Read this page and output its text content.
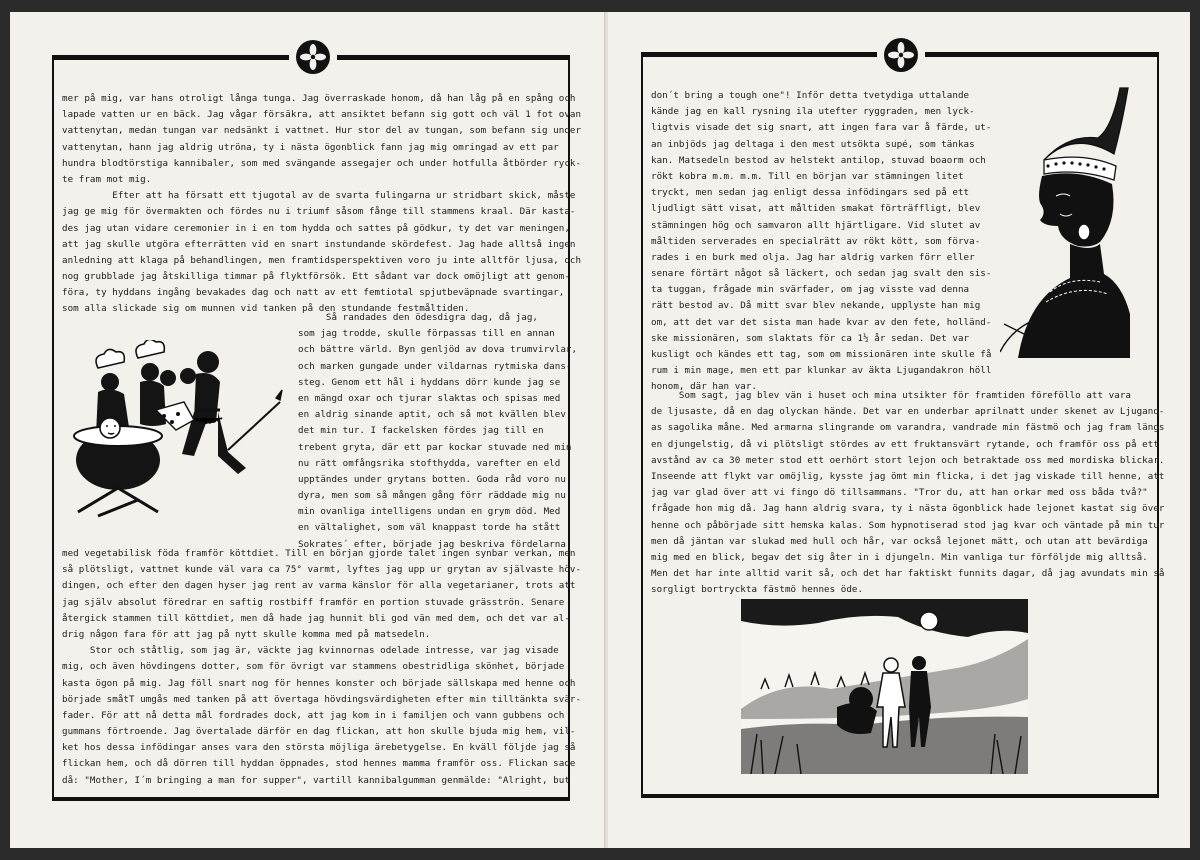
mer på mig, var hans otroligt långa tunga. Jag överraskade honom, då han låg på en spång och
lapade vatten ur en bäck. Jag vågar försäkra, att ansiktet befann sig gott och väl 1 fot ovan
vattenytan, medan tungan var nedsänkt i vattnet. Hur stor del av tungan, som befann sig under
vattenytan, hann jag aldrig utröna, ty i nästa ögonblick fann jag mig omringad av ett par
hundra blodtörstiga kannibaler, som med svängande assegajer och under hotfulla åtbörder ryck-
te fram mot mig.
Efter att ha försatt ett tjugotal av de svarta fulingarna ur stridbart skick, måste
jag ge mig för övermakten och fördes nu i triumf såsom fånge till stammens kraal. Där kasta-
des jag utan vidare ceremonier in i en tom hydda och sattes på gödkur, ty det var meningen,
att jag skulle utgöra efterrätten vid en snart instundande skördefest. Jag hade alltså ingen
anledning att klaga på behandlingen, men framtidsperspektiven voro ju inte alltför ljusa, och
nog grubblade jag åtskilliga timmar på flyktförsök. Ett sådant var dock omöjligt att genom-
föra, ty hyddans ingång bevakades dag och natt av ett femtiotal spjutbeväpnade svartingar,
som alla slickade sig om munnen vid tanken på den stundande festmåltiden.
Så randades den ödesdigra dag, då jag,
som jag trodde, skulle förpassas till en annan
och bättre värld. Byn genljöd av dova trumvirvlar,
och marken gungade under vildarnas rytmiska dans-
steg. Genom ett hål i hyddans dörr kunde jag se
en mängd oxar och tjurar slaktas och spisas med
en aldrig sinande aptit, och så mot kvällen blev
det min tur. I fackelsken fördes jag till en
trebent gryta, där ett par kockar stuvade ned min
nu rätt omfångsrika stofthydda, varefter en eld
upptändes under grytans botten. Goda råd voro nu
dyra, men som så mången gång förr räddade mig nu
min ovanliga intelligens undan en grym död. Med
en vältalighet, som väl knappast torde ha stått
Sokrates´ efter, började jag beskriva fördelarna
med vegetabilisk föda framför köttdiet. Till en början gjorde talet ingen synbar verkan, men
så plötsligt, vattnet kunde väl vara ca 75° varmt, lyftes jag upp ur grytan av självaste höv-
dingen, och efter den dagen hyser jag rent av varma känslor för alla vegetarianer, trots att
jag själv absolut föredrar en saftig rostbiff framför en portion stuvade gräsströn. Senare
återgick stammen till köttdiet, men då hade jag hunnit bli god vän med dem, och det var al-
drig någon fara för att jag på nytt skulle komma med på matsedeln.
Stor och ståtlig, som jag är, väckte jag kvinnornas odelade intresse, var jag visade
mig, och även hövdingens dotter, som för övrigt var stammens obestridliga skönhet, började
kasta ögon på mig. Jag föll snart nog för hennes konster och började sällskapa med henne och
började småtT umgås med tanken på att övertaga hövdingsvärdigheten efter min tilltänkta svär-
fader. För att nå detta mål fordrades dock, att jag kom in i familjen och vann gubbens och
gummans förtroende. Jag övertalade därför en dag flickan, att hon skulle bjuda mig hem, vil-
ket hos dessa infödingar anses vara den största möjliga ärebetygelse. En kväll följde jag så
flickan hem, och då dörren till hyddan öppnades, stod hennes mamma framför oss. Flickan sade
då: "Mother, I´m bringing a man for supper", vartill kannibalgumman genmälde: "Alright, but
don´t bring a tough one"! Inför detta tvetydiga uttalande
kände jag en kall rysning ila utefter ryggraden, men lyck-
ligtvis visade det sig snart, att ingen fara var å färde, ut-
an inbjöds jag deltaga i den mest utsökta supé, som tänkas
kan. Matsedeln bestod av helstekt antilop, stuvad boaorm och
rökt kobra m.m. m.m. Till en början var stämningen litet
tryckt, men sedan jag enligt dessa infödingars sed på ett
ljudligt sätt visat, att måltiden smakat förträffligt, blev
stämningen hög och samvaron allt hjärtligare. Vid slutet av
måltiden serverades en specialrätt av rökt kött, som förva-
rades i en burk med olja. Jag har aldrig varken förr eller
senare förtärt något så läckert, och sedan jag svalt den sis-
ta tuggan, frågade min svärfader, om jag visste vad denna
rätt bestod av. Då mitt svar blev nekande, upplyste han mig
om, att det var det sista man hade kvar av den fete, holländ-
ske missionären, som slaktats för ca 1½ år sedan. Det var
kusligt och kändes ett tag, som om missionären inte skulle få
rum i min mage, men ett par klunkar av äkta Ljugandakron höll
honom, där han var.
Som sagt, jag blev vän i huset och mina utsikter för framtiden föreföllo att vara
de ljusaste, då en dag olyckan hände. Det var en underbar aprilnatt under skenet av Ljugand-
as sagolika måne. Med armarna slingrande om varandra, vandrade min fästmö och jag fram längs
en djungelstig, då vi plötsligt stördes av ett fruktansvärt rytande, och framför oss på ett
avstånd av ca 30 meter stod ett oerhört stort lejon och betraktade oss med mordiska blickar.
Inseende att flykt var omöjlig, kysste jag ömt min flicka, i det jag viskade till henne, att
jag var glad över att vi fingo dö tillsammans. "Tror du, att han orkar med oss båda två?"
frågade hon mig då. Jag hann aldrig svara, ty i nästa ögonblick hade lejonet kastat sig över
henne och påbörjade sitt hemska kalas. Som hypnotiserad stod jag kvar och väntade på min tur
men då jäntan var slukad med hull och hår, var också lejonet mätt, och utan att bevärdiga
mig med en blick, begav det sig åter in i djungeln. Min vanliga tur förföljde mig alltså.
Men det har inte alltid varit så, och det har faktiskt funnits dagar, då jag avundats min så
sorgligt bortryckta fästmö hennes öde.
